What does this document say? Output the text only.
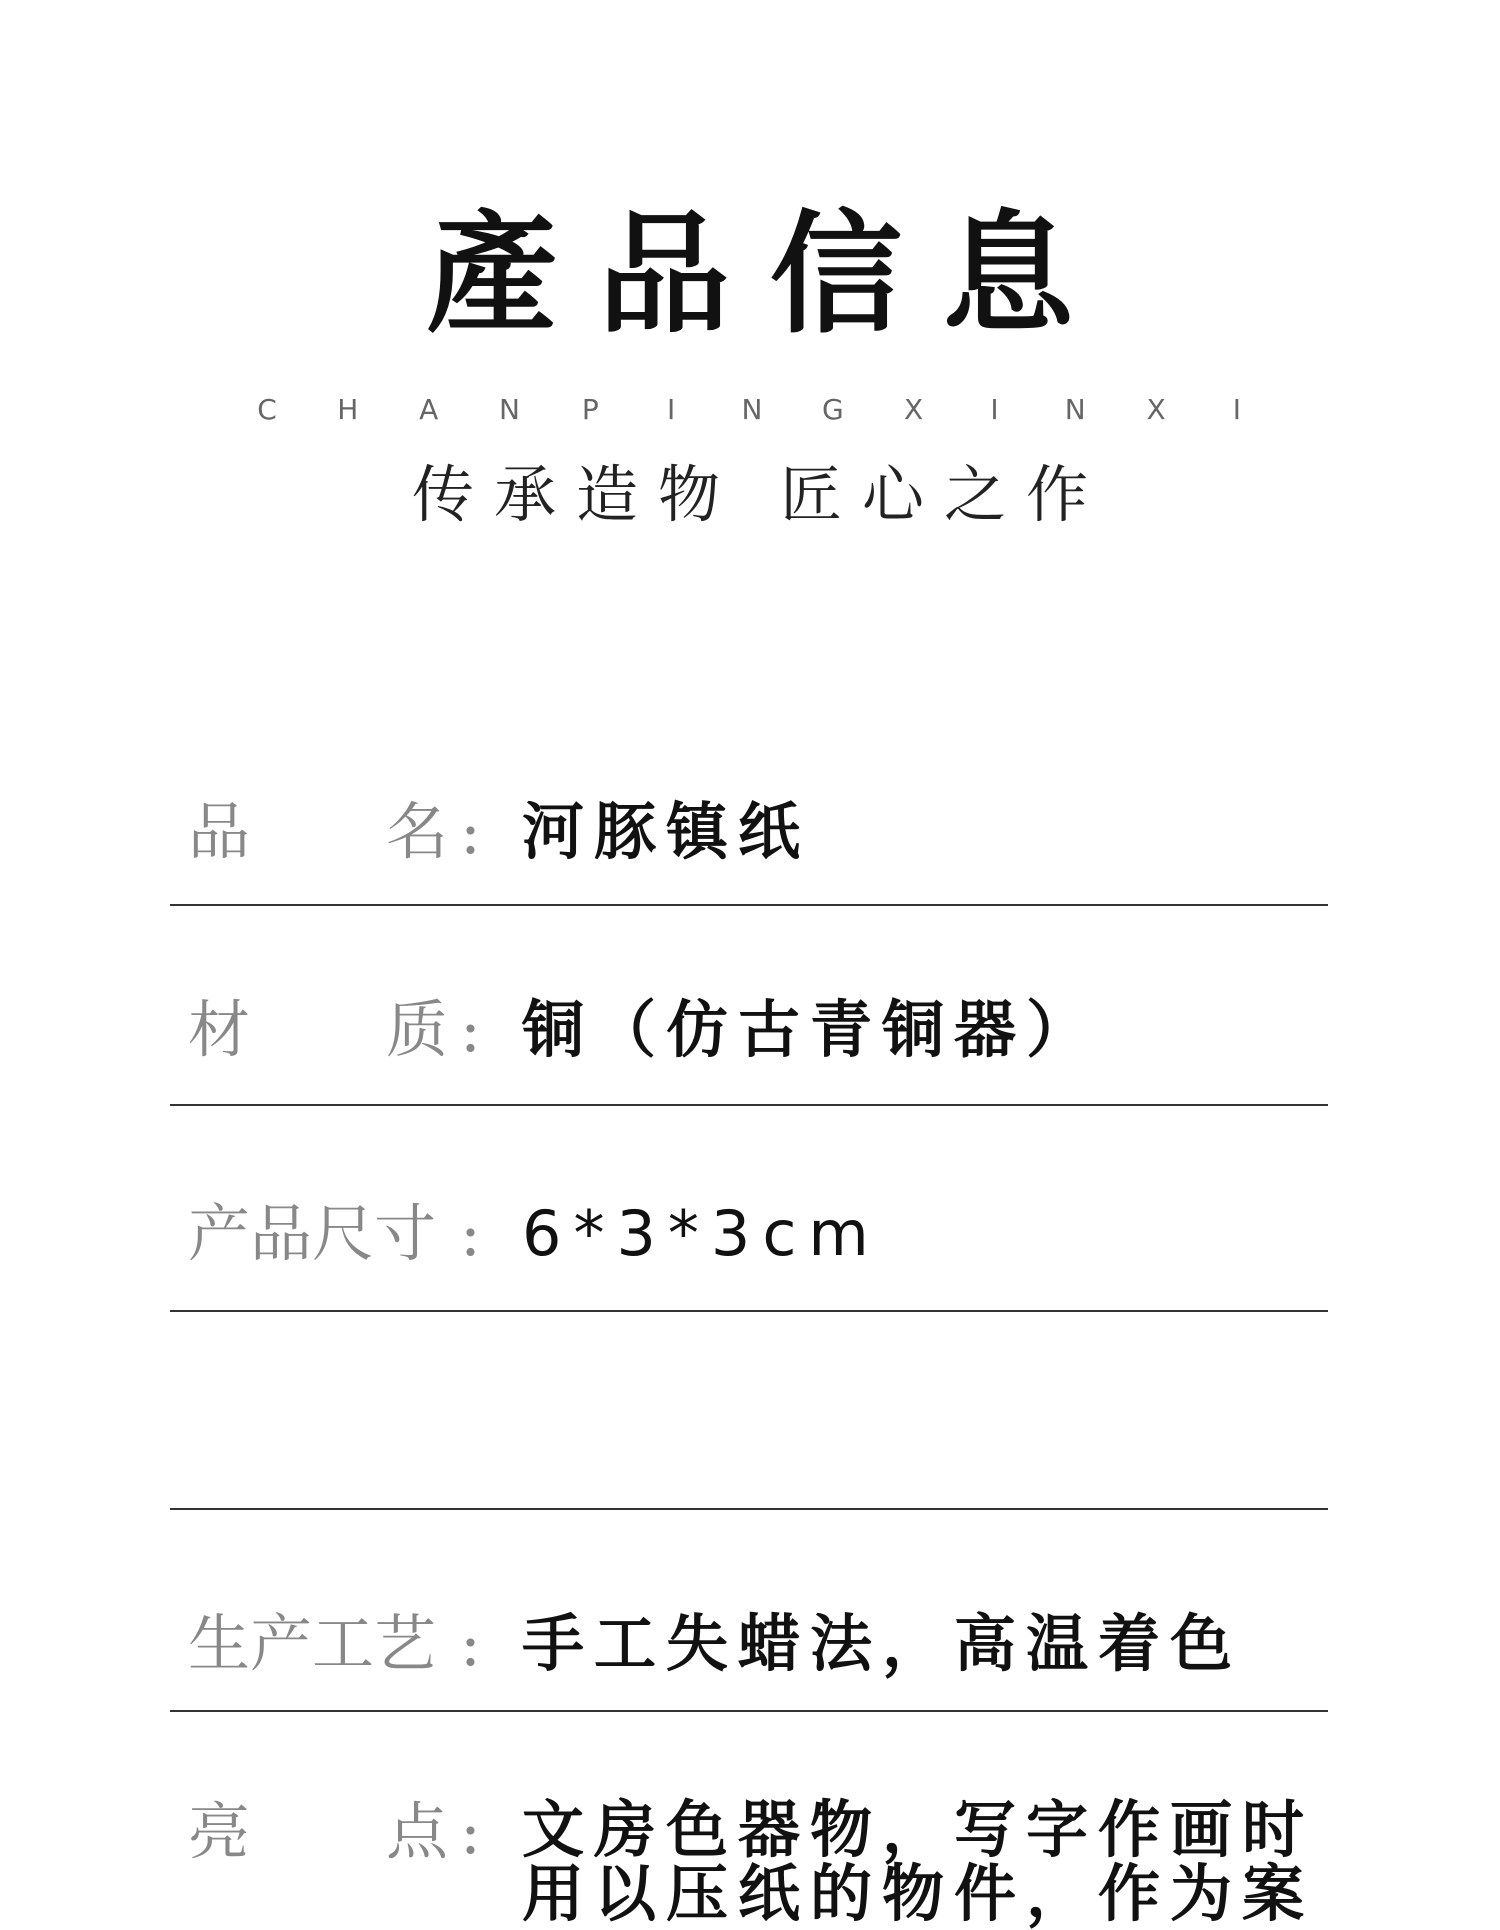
產品信息
C H A N P	I	N G X	I	N X	I
传承造物 匠心之作
品 名 : 河豚镇纸
材 质 : 铜（仿古青铜器）
产品尺寸 : 6*3*3cm
生产工艺 : 手工失蜡法，高温着色
亮 点 : 文房色器物，写字作画时
用以压纸的物件，作为案
